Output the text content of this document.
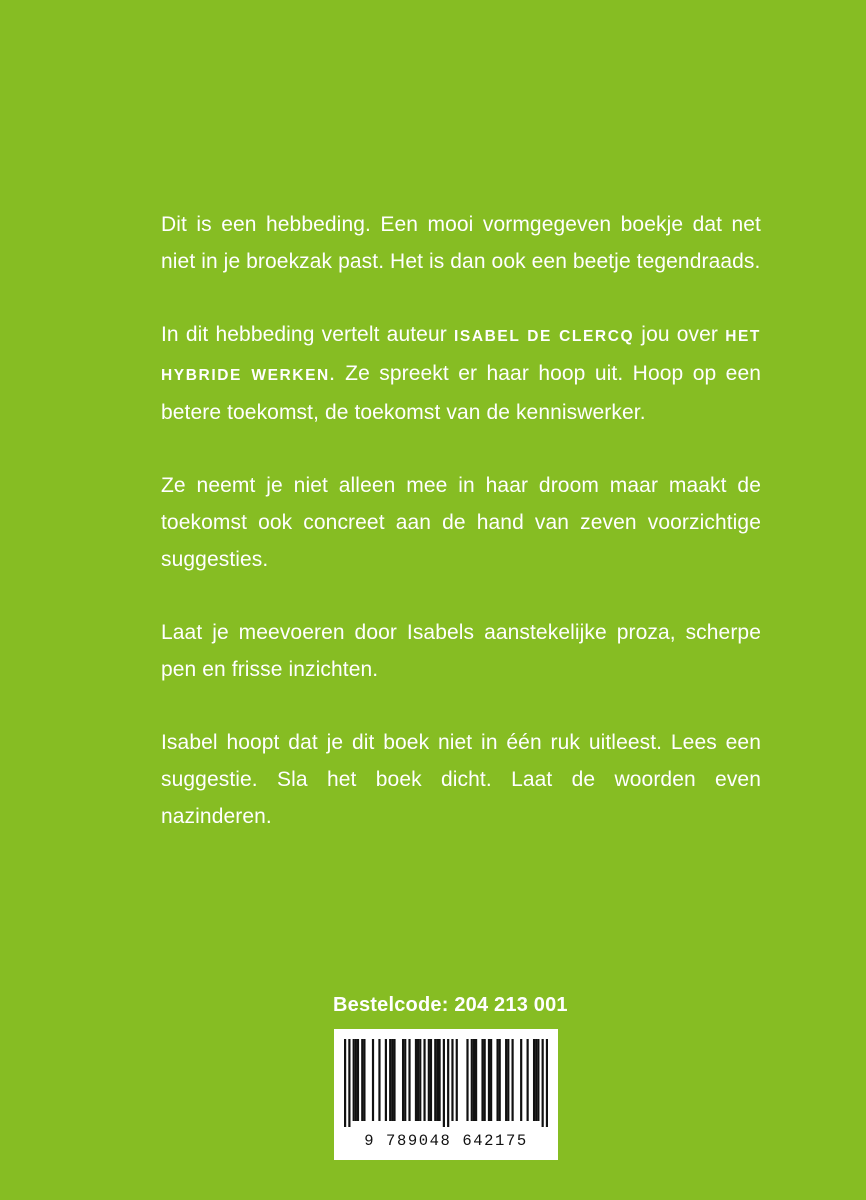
Dit is een hebbeding. Een mooi vormgegeven boekje dat net niet in je broekzak past. Het is dan ook een beetje tegendraads.

In dit hebbeding vertelt auteur ISABEL DE CLERCQ jou over HET HYBRIDE WERKEN. Ze spreekt er haar hoop uit. Hoop op een betere toekomst, de toekomst van de kenniswerker.

Ze neemt je niet alleen mee in haar droom maar maakt de toekomst ook concreet aan de hand van zeven voorzichtige suggesties.

Laat je meevoeren door Isabels aanstekelijke proza, scherpe pen en frisse inzichten.

Isabel hoopt dat je dit boek niet in één ruk uitleest. Lees een suggestie. Sla het boek dicht. Laat de woorden even nazinderen.

Bestelcode: 204 213 001
9 789048 642175
